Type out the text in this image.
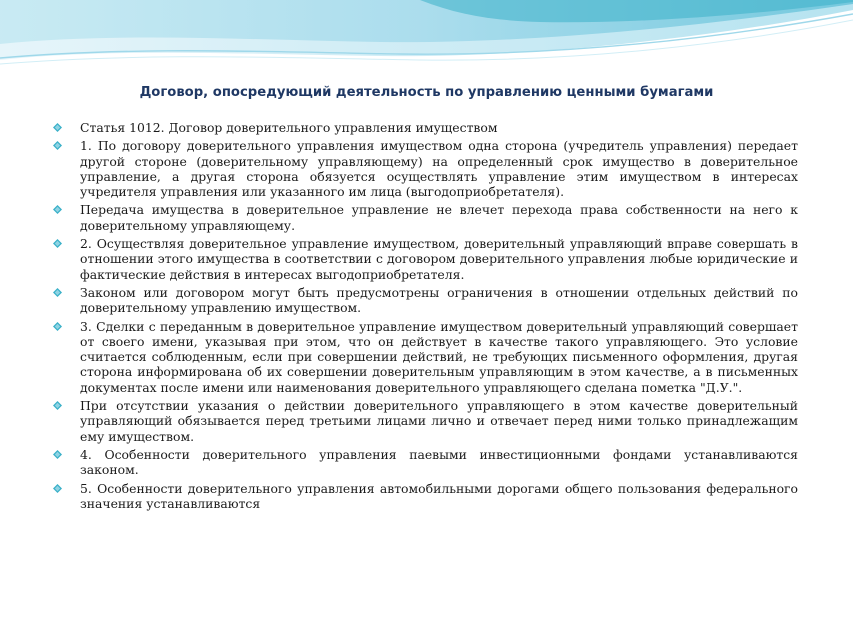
Договор, опосредующий деятельность по управлению ценными бумагами
Статья 1012. Договор доверительного управления имуществом
1. По договору доверительного управления имуществом одна сторона (учредитель управления) передает другой стороне (доверительному управляющему) на определенный срок имущество в доверительное управление, а другая сторона обязуется осуществлять управление этим имуществом в интересах учредителя управления или указанного им лица (выгодоприобретателя).
Передача имущества в доверительное управление не влечет перехода права собственности на него к доверительному управляющему.
2. Осуществляя доверительное управление имуществом, доверительный управляющий вправе совершать в отношении этого имущества в соответствии с договором доверительного управления любые юридические и фактические действия в интересах выгодоприобретателя.
Законом или договором могут быть предусмотрены ограничения в отношении отдельных действий по доверительному управлению имуществом.
3. Сделки с переданным в доверительное управление имуществом доверительный управляющий совершает от своего имени, указывая при этом, что он действует в качестве такого управляющего. Это условие считается соблюденным, если при совершении действий, не требующих письменного оформления, другая сторона информирована об их совершении доверительным управляющим в этом качестве, а в письменных документах после имени или наименования доверительного управляющего сделана пометка "Д.У.".
При отсутствии указания о действии доверительного управляющего в этом качестве доверительный управляющий обязывается перед третьими лицами лично и отвечает перед ними только принадлежащим ему имуществом.
4. Особенности доверительного управления паевыми инвестиционными фондами устанавливаются законом.
5. Особенности доверительного управления автомобильными дорогами общего пользования федерального значения устанавливаются
